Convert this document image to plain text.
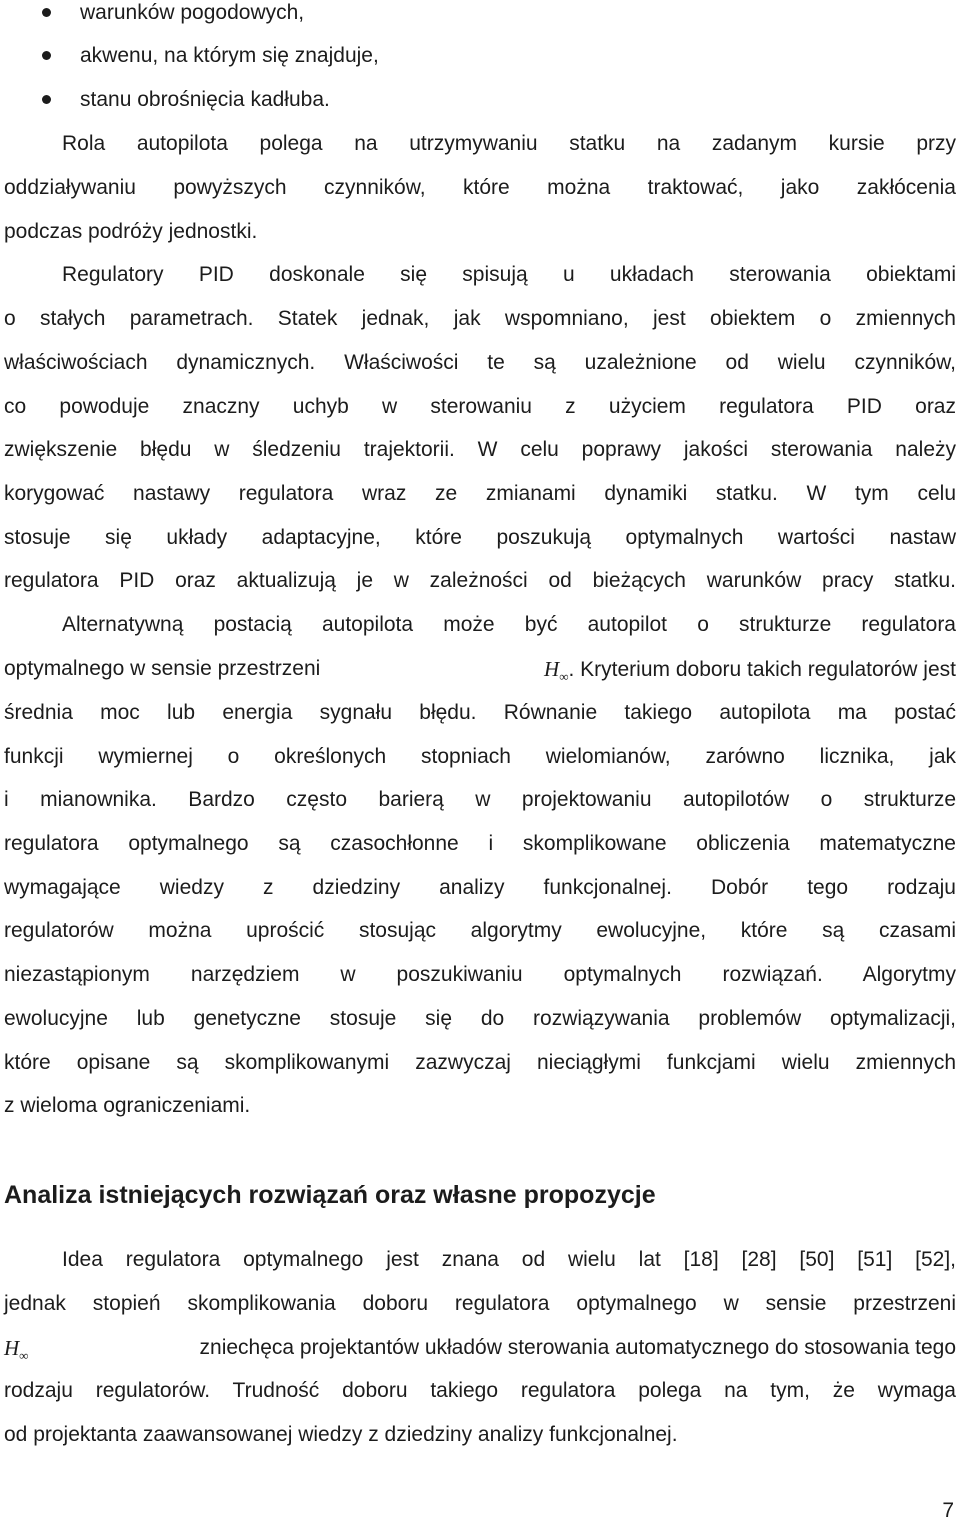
warunków pogodowych,
akwenu, na którym się znajduje,
stanu obrośnięcia kadłuba.
Rola autopilota polega na utrzymywaniu statku na zadanym kursie przy
oddziaływaniu powyższych czynników, które można traktować, jako zakłócenia
podczas podróży jednostki.
Regulatory PID doskonale się spisują u układach sterowania obiektami
o stałych parametrach. Statek jednak, jak wspomniano, jest obiektem o zmiennych
właściwościach dynamicznych. Właściwości te są uzależnione od wielu czynników,
co powoduje znaczny uchyb w sterowaniu z użyciem regulatora PID oraz
zwiększenie błędu w śledzeniu trajektorii. W celu poprawy jakości sterowania należy
korygować nastawy regulatora wraz ze zmianami dynamiki statku. W tym celu
stosuje się układy adaptacyjne, które poszukują optymalnych wartości nastaw
regulatora PID oraz aktualizują je w zależności od bieżących warunków pracy statku.
Alternatywną postacią autopilota może być autopilot o strukturze regulatora
optymalnego w sensie przestrzeni	$H_\infty$. Kryterium doboru takich regulatorów jest
średnia moc lub energia sygnału błędu. Równanie takiego autopilota ma postać
funkcji wymiernej o określonych stopniach wielomianów, zarówno licznika, jak
i mianownika. Bardzo często barierą w projektowaniu autopilotów o strukturze
regulatora optymalnego są czasochłonne i skomplikowane obliczenia matematyczne
wymagające wiedzy z dziedziny analizy funkcjonalnej. Dobór tego rodzaju
regulatorów można uprościć stosując algorytmy ewolucyjne, które są czasami
niezastąpionym narzędziem w poszukiwaniu optymalnych rozwiązań. Algorytmy
ewolucyjne lub genetyczne stosuje się do rozwiązywania problemów optymalizacji,
które opisane są skomplikowanymi zazwyczaj nieciągłymi funkcjami wielu zmiennych
z wieloma ograniczeniami.
Analiza istniejących rozwiązań oraz własne propozycje
Idea regulatora optymalnego jest znana od wielu lat [18] [28] [50] [51] [52],
jednak stopień skomplikowania doboru regulatora optymalnego w sensie przestrzeni
$H_\infty$	zniechęca projektantów układów sterowania automatycznego do stosowania tego
rodzaju regulatorów. Trudność doboru takiego regulatora polega na tym, że wymaga
od projektanta zaawansowanej wiedzy z dziedziny analizy funkcjonalnej.
7
